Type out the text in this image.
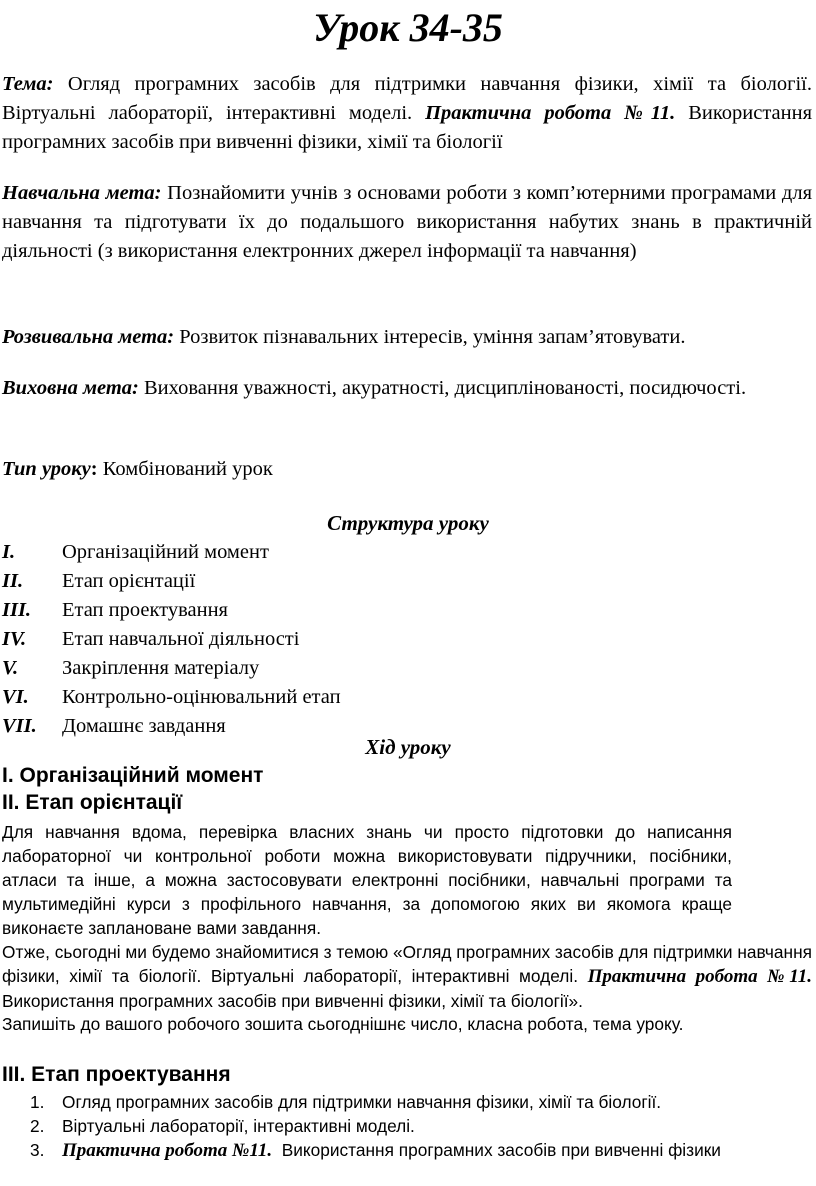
Урок 34-35
Тема: Огляд програмних засобів для підтримки навчання фізики, хімії та біології. Віртуальні лабораторії, інтерактивні моделі. Практична робота №11. Використання програмних засобів при вивченні фізики, хімії та біології
Навчальна мета: Познайомити учнів з основами роботи з комп’ютерними програмами для навчання та підготувати їх до подальшого використання набутих знань в практичній діяльності (з використання електронних джерел інформації та навчання)
Розвивальна мета: Розвиток пізнавальних інтересів, уміння запам’ятовувати.
Виховна мета: Виховання уважності, акуратності, дисциплінованості, посидючості.
Тип уроку: Комбінований урок
Структура уроку
I. Організаційний момент
II. Етап орієнтації
III. Етап проектування
IV. Етап навчальної діяльності
V. Закріплення матеріалу
VI. Контрольно-оцінювальний етап
VII. Домашнє завдання
Хід уроку
І. Організаційний момент
ІІ. Етап орієнтації
Для навчання вдома, перевірка власних знань чи просто підготовки до написання
лабораторної чи контрольної роботи можна використовувати підручники, посібники,
атласи та інше, а можна застосовувати електронні посібники, навчальні програми та
мультимедійні курси з профільного навчання, за допомогою яких ви якомога краще
виконаєте заплановане вами завдання.
Отже, сьогодні ми будемо знайомитися з темою «Огляд програмних засобів для підтримки навчання фізики, хімії та біології. Віртуальні лабораторії, інтерактивні моделі. Практична робота №11. Використання програмних засобів при вивченні фізики, хімії та біології».
Запишіть до вашого робочого зошита сьогоднішнє число, класна робота, тема уроку.
ІІІ. Етап проектування
1. Огляд програмних засобів для підтримки навчання фізики, хімії та біології.
2. Віртуальні лабораторії, інтерактивні моделі.
3. Практична робота №11.  Використання програмних засобів при вивченні фізики
